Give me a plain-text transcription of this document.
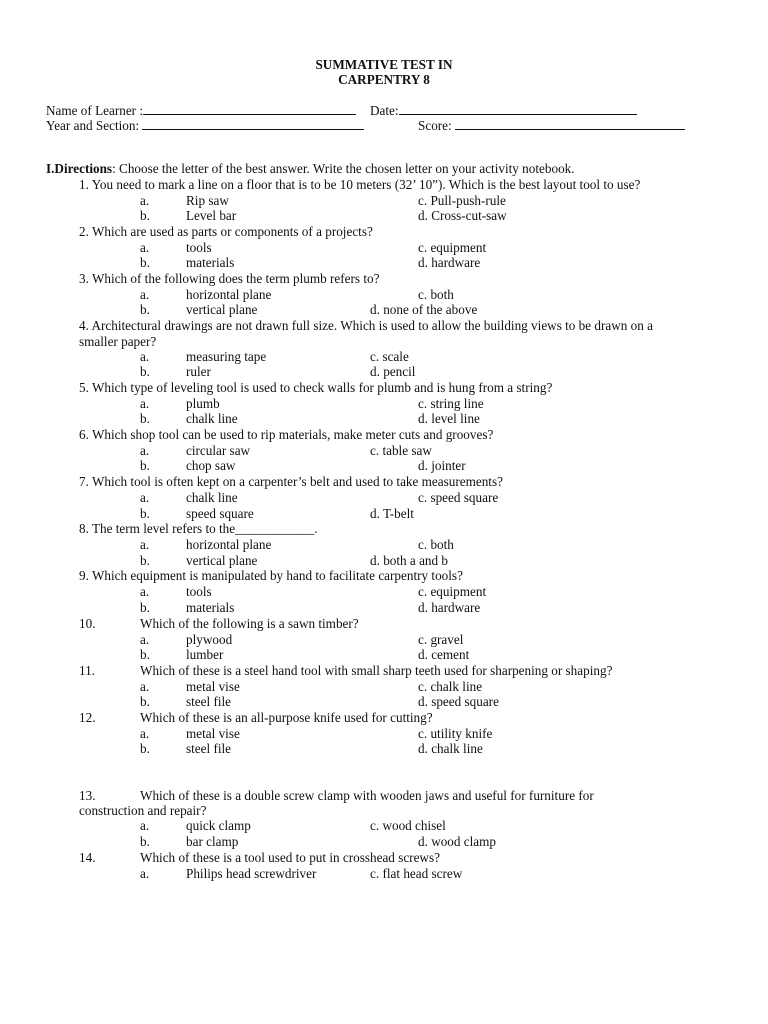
SUMMATIVE TEST IN
CARPENTRY 8
Name of Learner :	Date:
Year and Section:	Score:
I.Directions: Choose the letter of the best answer. Write the chosen letter on your activity notebook.
1. You need to mark a line on a floor that is to be 10 meters (32’ 10”). Which is the best layout tool to use?
a.	Rip saw	c. Pull-push-rule
b.	Level bar	d. Cross-cut-saw
2. Which are used as parts or components of a projects?
a.	tools	c. equipment
b.	materials	d. hardware
3. Which of the following does the term plumb refers to?
a.	horizontal plane	c. both
b.	vertical plane	d. none of the above
4. Architectural drawings are not drawn full size. Which is used to allow the building views to be drawn on a
smaller paper?
a.	measuring tape	c. scale
b.	ruler	d. pencil
5. Which type of leveling tool is used to check walls for plumb and is hung from a string?
a.	plumb	c. string line
b.	chalk line	d. level line
6. Which shop tool can be used to rip materials, make meter cuts and grooves?
a.	circular saw	c. table saw
b.	chop saw	d. jointer
7. Which tool is often kept on a carpenter’s belt and used to take measurements?
a.	chalk line	c. speed square
b.	speed square	d. T-belt
8. The term level refers to the____________.
a.	horizontal plane	c. both
b.	vertical plane	d. both a and b
9. Which equipment is manipulated by hand to facilitate carpentry tools?
a.	tools	c. equipment
b.	materials	d. hardware
10.	Which of the following is a sawn timber?
a.	plywood	c. gravel
b.	lumber	d. cement
11.	Which of these is a steel hand tool with small sharp teeth used for sharpening or shaping?
a.	metal vise	c. chalk line
b.	steel file	d. speed square
12.	Which of these is an all-purpose knife used for cutting?
a.	metal vise	c. utility knife
b.	steel file	d. chalk line
13.	Which of these is a double screw clamp with wooden jaws and useful for furniture for
construction and repair?
a.	quick clamp	c. wood chisel
b.	bar clamp	d. wood clamp
14.	Which of these is a tool used to put in crosshead screws?
a.	Philips head screwdriver	c. flat head screw
